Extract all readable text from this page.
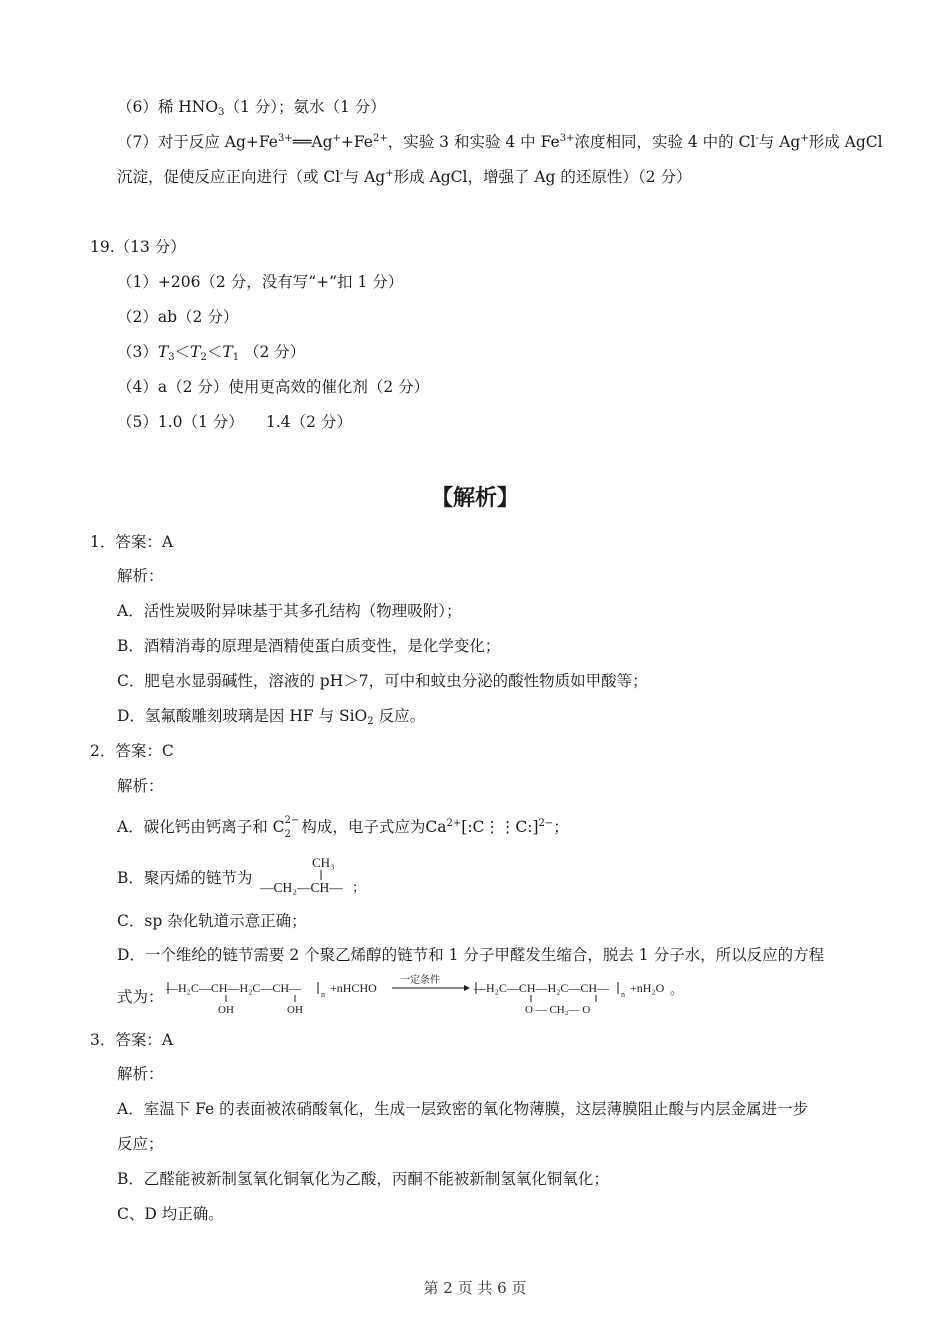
（6）稀 $HNO_3(1$ 分）；氨水（1 分）
（7）对于反应 $Ag+Fe^{3+}══Ag^++Fe^{2+}$，实验 3 和实验 4 中 $Fe^{3+}$浓度相同，实验 4 中的 Cl-与 Ag+形成 AgCl
沉淀，促使反应正向进行（或 Cl-与 Ag+形成 AgCl，增强了 Ag 的还原性）（2 分）
19.（13 分）
（1）+206（2 分，没有写“+”扣 1 分）
（2）ab（2 分）
$(3)T_3<T_2<T_1$ （2 分）
（4）a（2 分）使用更高效的催化剂（2 分）
（5）1.0（1 分） 1.4（2 分）
【解析】
1．答案：A
解析：
A．活性炭吸附异味基于其多孔结构（物理吸附）；
B．酒精消毒的原理是酒精使蛋白质变性，是化学变化；
C．肥皂水显弱碱性，溶液的 pH＞7，可中和蚊虫分泌的酸性物质如甲酸等；
D．氢氟酸雕刻玻璃是因 HF 与 SiO$_2$ 反应。
2．答案：C
解析：
A．碳化钙由钙离子和 C 2−
2 构成，电子式应为$Ca^{2+}[:C⋮⋮C:]^{2-}$；
B．聚丙烯的链节为
CH₃
—CH₂—CH— ；
C．sp 杂化轨道示意正确；
D．一个维纶的链节需要 2 个聚乙烯醇的链节和 1 分子甲醛发生缩合，脱去 1 分子水，所以反应的方程
式为： —H₂C—CH—H₂C—CH— n
OH	OH
+nHCHO
一定条件
—H₂C—CH—H₂C—CH— n
O — CH₂— O
+nH₂O 。
3．答案：A
解析：
A．室温下 Fe 的表面被浓硝酸氧化，生成一层致密的氧化物薄膜，这层薄膜阻止酸与内层金属进一步
反应；
B．乙醛能被新制氢氧化铜氧化为乙酸，丙酮不能被新制氢氧化铜氧化；
C、D 均正确。
第 2 页 共 6 页
